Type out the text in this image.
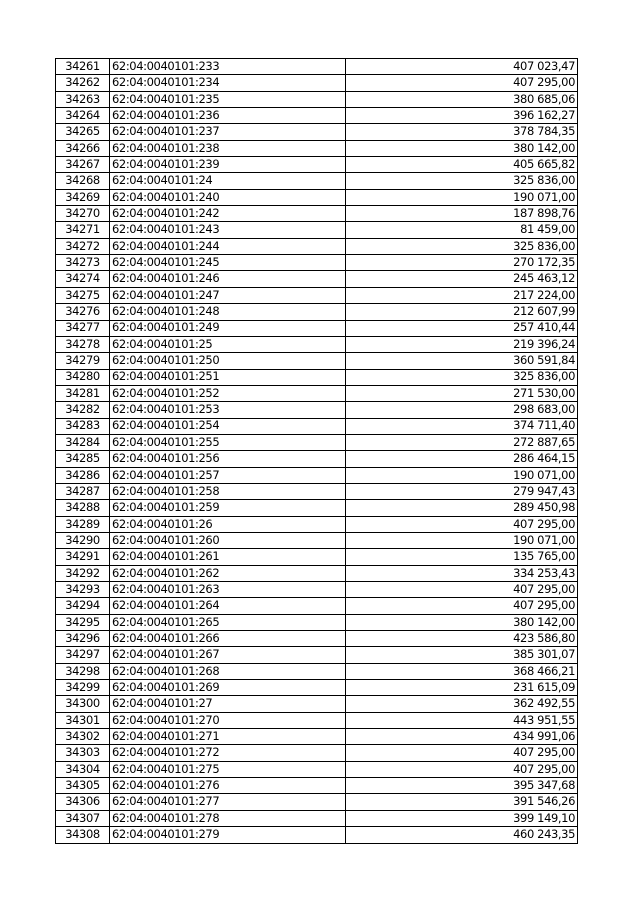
34261	62:04:0040101:233	407 023,47
34262	62:04:0040101:234	407 295,00
34263	62:04:0040101:235	380 685,06
34264	62:04:0040101:236	396 162,27
34265	62:04:0040101:237	378 784,35
34266	62:04:0040101:238	380 142,00
34267	62:04:0040101:239	405 665,82
34268	62:04:0040101:24	325 836,00
34269	62:04:0040101:240	190 071,00
34270	62:04:0040101:242	187 898,76
34271	62:04:0040101:243	81 459,00
34272	62:04:0040101:244	325 836,00
34273	62:04:0040101:245	270 172,35
34274	62:04:0040101:246	245 463,12
34275	62:04:0040101:247	217 224,00
34276	62:04:0040101:248	212 607,99
34277	62:04:0040101:249	257 410,44
34278	62:04:0040101:25	219 396,24
34279	62:04:0040101:250	360 591,84
34280	62:04:0040101:251	325 836,00
34281	62:04:0040101:252	271 530,00
34282	62:04:0040101:253	298 683,00
34283	62:04:0040101:254	374 711,40
34284	62:04:0040101:255	272 887,65
34285	62:04:0040101:256	286 464,15
34286	62:04:0040101:257	190 071,00
34287	62:04:0040101:258	279 947,43
34288	62:04:0040101:259	289 450,98
34289	62:04:0040101:26	407 295,00
34290	62:04:0040101:260	190 071,00
34291	62:04:0040101:261	135 765,00
34292	62:04:0040101:262	334 253,43
34293	62:04:0040101:263	407 295,00
34294	62:04:0040101:264	407 295,00
34295	62:04:0040101:265	380 142,00
34296	62:04:0040101:266	423 586,80
34297	62:04:0040101:267	385 301,07
34298	62:04:0040101:268	368 466,21
34299	62:04:0040101:269	231 615,09
34300	62:04:0040101:27	362 492,55
34301	62:04:0040101:270	443 951,55
34302	62:04:0040101:271	434 991,06
34303	62:04:0040101:272	407 295,00
34304	62:04:0040101:275	407 295,00
34305	62:04:0040101:276	395 347,68
34306	62:04:0040101:277	391 546,26
34307	62:04:0040101:278	399 149,10
34308	62:04:0040101:279	460 243,35
